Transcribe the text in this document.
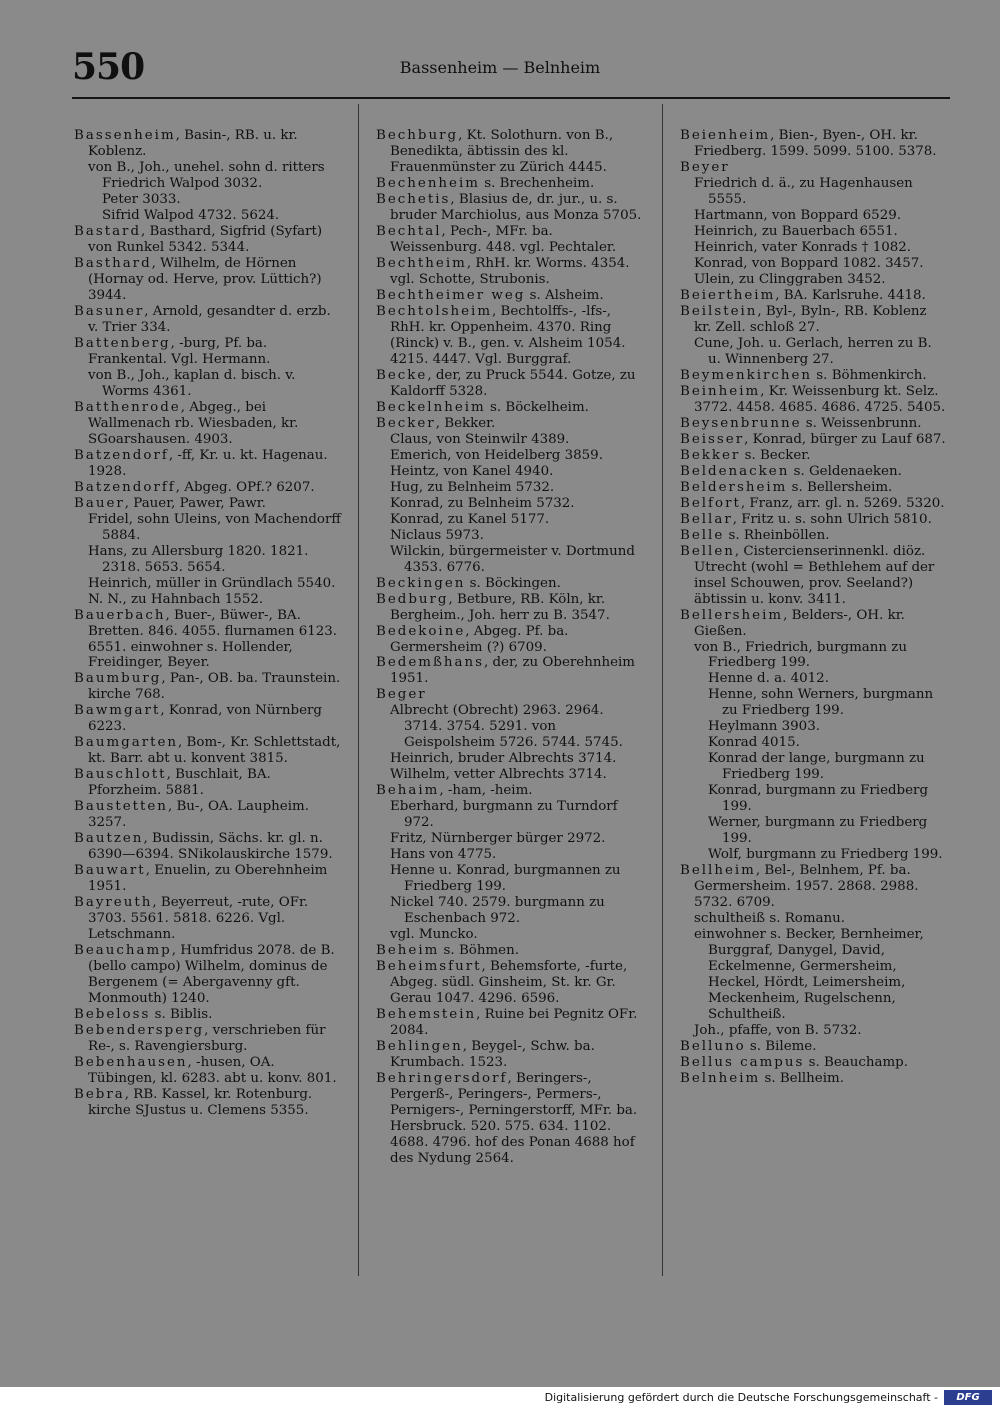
550	Bassenheim — Belnheim

Bassenheim, Basin-, RB. u. kr. Koblenz.

von B., Joh., unehel. sohn d. ritters Friedrich Walpod 3032.

Peter 3033.

Sifrid Walpod 4732. 5624.

Bastard, Basthard, Sigfrid (Syfart) von Runkel 5342. 5344.

Basthard, Wilhelm, de Hörnen (Hornay od. Herve, prov. Lüttich?) 3944.

Basuner, Arnold, gesandter d. erzb. v. Trier 334.

Battenberg, -burg, Pf. ba. Frankental. Vgl. Hermann.

von B., Joh., kaplan d. bisch. v. Worms 4361.

Batthenrode, Abgeg., bei Wallmenach rb. Wiesbaden, kr. SGoarshausen. 4903.

Batzendorf, -ff, Kr. u. kt. Hagenau. 1928.

Batzendorff, Abgeg. OPf.? 6207.

Bauer, Pauer, Pawer, Pawr.

Fridel, sohn Uleins, von Machendorff 5884.

Hans, zu Allersburg 1820. 1821. 2318. 5653. 5654.

Heinrich, müller in Gründlach 5540.

N. N., zu Hahnbach 1552.

Bauerbach, Buer-, Büwer-, BA. Bretten. 846. 4055. flurnamen 6123. 6551. einwohner s. Hollender, Freidinger, Beyer.

Baumburg, Pan-, OB. ba. Traunstein. kirche 768.

Bawmgart, Konrad, von Nürnberg 6223.

Baumgarten, Bom-, Kr. Schlettstadt, kt. Barr. abt u. konvent 3815.

Bauschlott, Buschlait, BA. Pforzheim. 5881.

Baustetten, Bu-, OA. Laupheim. 3257.

Bautzen, Budissin, Sächs. kr. gl. n. 6390—6394. SNikolauskirche 1579.

Bauwart, Enuelin, zu Oberehnheim 1951.

Bayreuth, Beyerreut, -rute, OFr. 3703. 5561. 5818. 6226. Vgl. Letschmann.

Beauchamp, Humfridus 2078. de B. (bello campo) Wilhelm, dominus de Bergenem (= Abergavenny gft. Monmouth) 1240.

Bebeloss s. Biblis.

Bebendersperg, verschrieben für Re-, s. Ravengiersburg.

Bebenhausen, -husen, OA. Tübingen, kl. 6283. abt u. konv. 801.

Bebra, RB. Kassel, kr. Rotenburg. kirche SJustus u. Clemens 5355.

Bechburg, Kt. Solothurn. von B., Benedikta, äbtissin des kl. Frauenmünster zu Zürich 4445.

Bechenheim s. Brechenheim.

Bechetis, Blasius de, dr. jur., u. s. bruder Marchiolus, aus Monza 5705.

Bechtal, Pech-, MFr. ba. Weissenburg. 448. vgl. Pechtaler.

Bechtheim, RhH. kr. Worms. 4354. vgl. Schotte, Strubonis.

Bechtheimer weg s. Alsheim.

Bechtolsheim, Bechtolffs-, -lfs-, RhH. kr. Oppenheim. 4370. Ring (Rinck) v. B., gen. v. Alsheim 1054. 4215. 4447. Vgl. Burggraf.

Becke, der, zu Pruck 5544. Gotze, zu Kaldorff 5328.

Beckelnheim s. Böckelheim.

Becker, Bekker.

Claus, von Steinwilr 4389.

Emerich, von Heidelberg 3859.

Heintz, von Kanel 4940.

Hug, zu Belnheim 5732.

Konrad, zu Belnheim 5732.

Konrad, zu Kanel 5177.

Niclaus 5973.

Wilckin, bürgermeister v. Dortmund 4353. 6776.

Beckingen s. Böckingen.

Bedburg, Betbure, RB. Köln, kr. Bergheim., Joh. herr zu B. 3547.

Bedekoine, Abgeg. Pf. ba. Germersheim (?) 6709.

Bedemßhans, der, zu Oberehnheim 1951.

Beger

Albrecht (Obrecht) 2963. 2964. 3714. 3754. 5291. von Geispolsheim 5726. 5744. 5745.

Heinrich, bruder Albrechts 3714.

Wilhelm, vetter Albrechts 3714.

Behaim, -ham, -heim.

Eberhard, burgmann zu Turndorf 972.

Fritz, Nürnberger bürger 2972.

Hans von 4775.

Henne u. Konrad, burgmannen zu Friedberg 199.

Nickel 740. 2579. burgmann zu Eschenbach 972.

vgl. Muncko.

Beheim s. Böhmen.

Beheimsfurt, Behemsforte, -furte, Abgeg. südl. Ginsheim, St. kr. Gr. Gerau 1047. 4296. 6596.

Behemstein, Ruine bei Pegnitz OFr. 2084.

Behlingen, Beygel-, Schw. ba. Krumbach. 1523.

Behringersdorf, Beringers-, Pergerß-, Peringers-, Permers-, Pernigers-, Perningerstorff, MFr. ba. Hersbruck. 520. 575. 634. 1102. 4688. 4796. hof des Ponan 4688 hof des Nydung 2564.

Beienheim, Bien-, Byen-, OH. kr. Friedberg. 1599. 5099. 5100. 5378.

Beyer

Friedrich d. ä., zu Hagenhausen 5555.

Hartmann, von Boppard 6529.

Heinrich, zu Bauerbach 6551.

Heinrich, vater Konrads † 1082.

Konrad, von Boppard 1082. 3457.

Ulein, zu Clinggraben 3452.

Beiertheim, BA. Karlsruhe. 4418.

Beilstein, Byl-, Byln-, RB. Koblenz kr. Zell. schloß 27.

Cune, Joh. u. Gerlach, herren zu B. u. Winnenberg 27.

Beymenkirchen s. Böhmenkirch.

Beinheim, Kr. Weissenburg kt. Selz. 3772. 4458. 4685. 4686. 4725. 5405.

Beysenbrunne s. Weissenbrunn.

Beisser, Konrad, bürger zu Lauf 687.

Bekker s. Becker.

Beldenacken s. Geldenaeken.

Beldersheim s. Bellersheim.

Belfort, Franz, arr. gl. n. 5269. 5320.

Bellar, Fritz u. s. sohn Ulrich 5810.

Belle s. Rheinböllen.

Bellen, Cistercienserinnenkl. diöz. Utrecht (wohl = Bethlehem auf der insel Schouwen, prov. Seeland?) äbtissin u. konv. 3411.

Bellersheim, Belders-, OH. kr. Gießen.

von B., Friedrich, burgmann zu Friedberg 199.

Henne d. a. 4012.

Henne, sohn Werners, burgmann zu Friedberg 199.

Heylmann 3903.

Konrad 4015.

Konrad der lange, burgmann zu Friedberg 199.

Konrad, burgmann zu Friedberg 199.

Werner, burgmann zu Friedberg 199.

Wolf, burgmann zu Friedberg 199.

Bellheim, Bel-, Belnhem, Pf. ba. Germersheim. 1957. 2868. 2988. 5732. 6709.

schultheiß s. Romanu.

einwohner s. Becker, Bernheimer, Burggraf, Danygel, David, Eckelmenne, Germersheim, Heckel, Hördt, Leimersheim, Meckenheim, Rugelschenn, Schultheiß.

Joh., pfaffe, von B. 5732.

Belluno s. Bileme.

Bellus campus s. Beauchamp.

Belnheim s. Bellheim.

Digitalisierung gefördert durch die Deutsche Forschungsgemeinschaft -	DFG
